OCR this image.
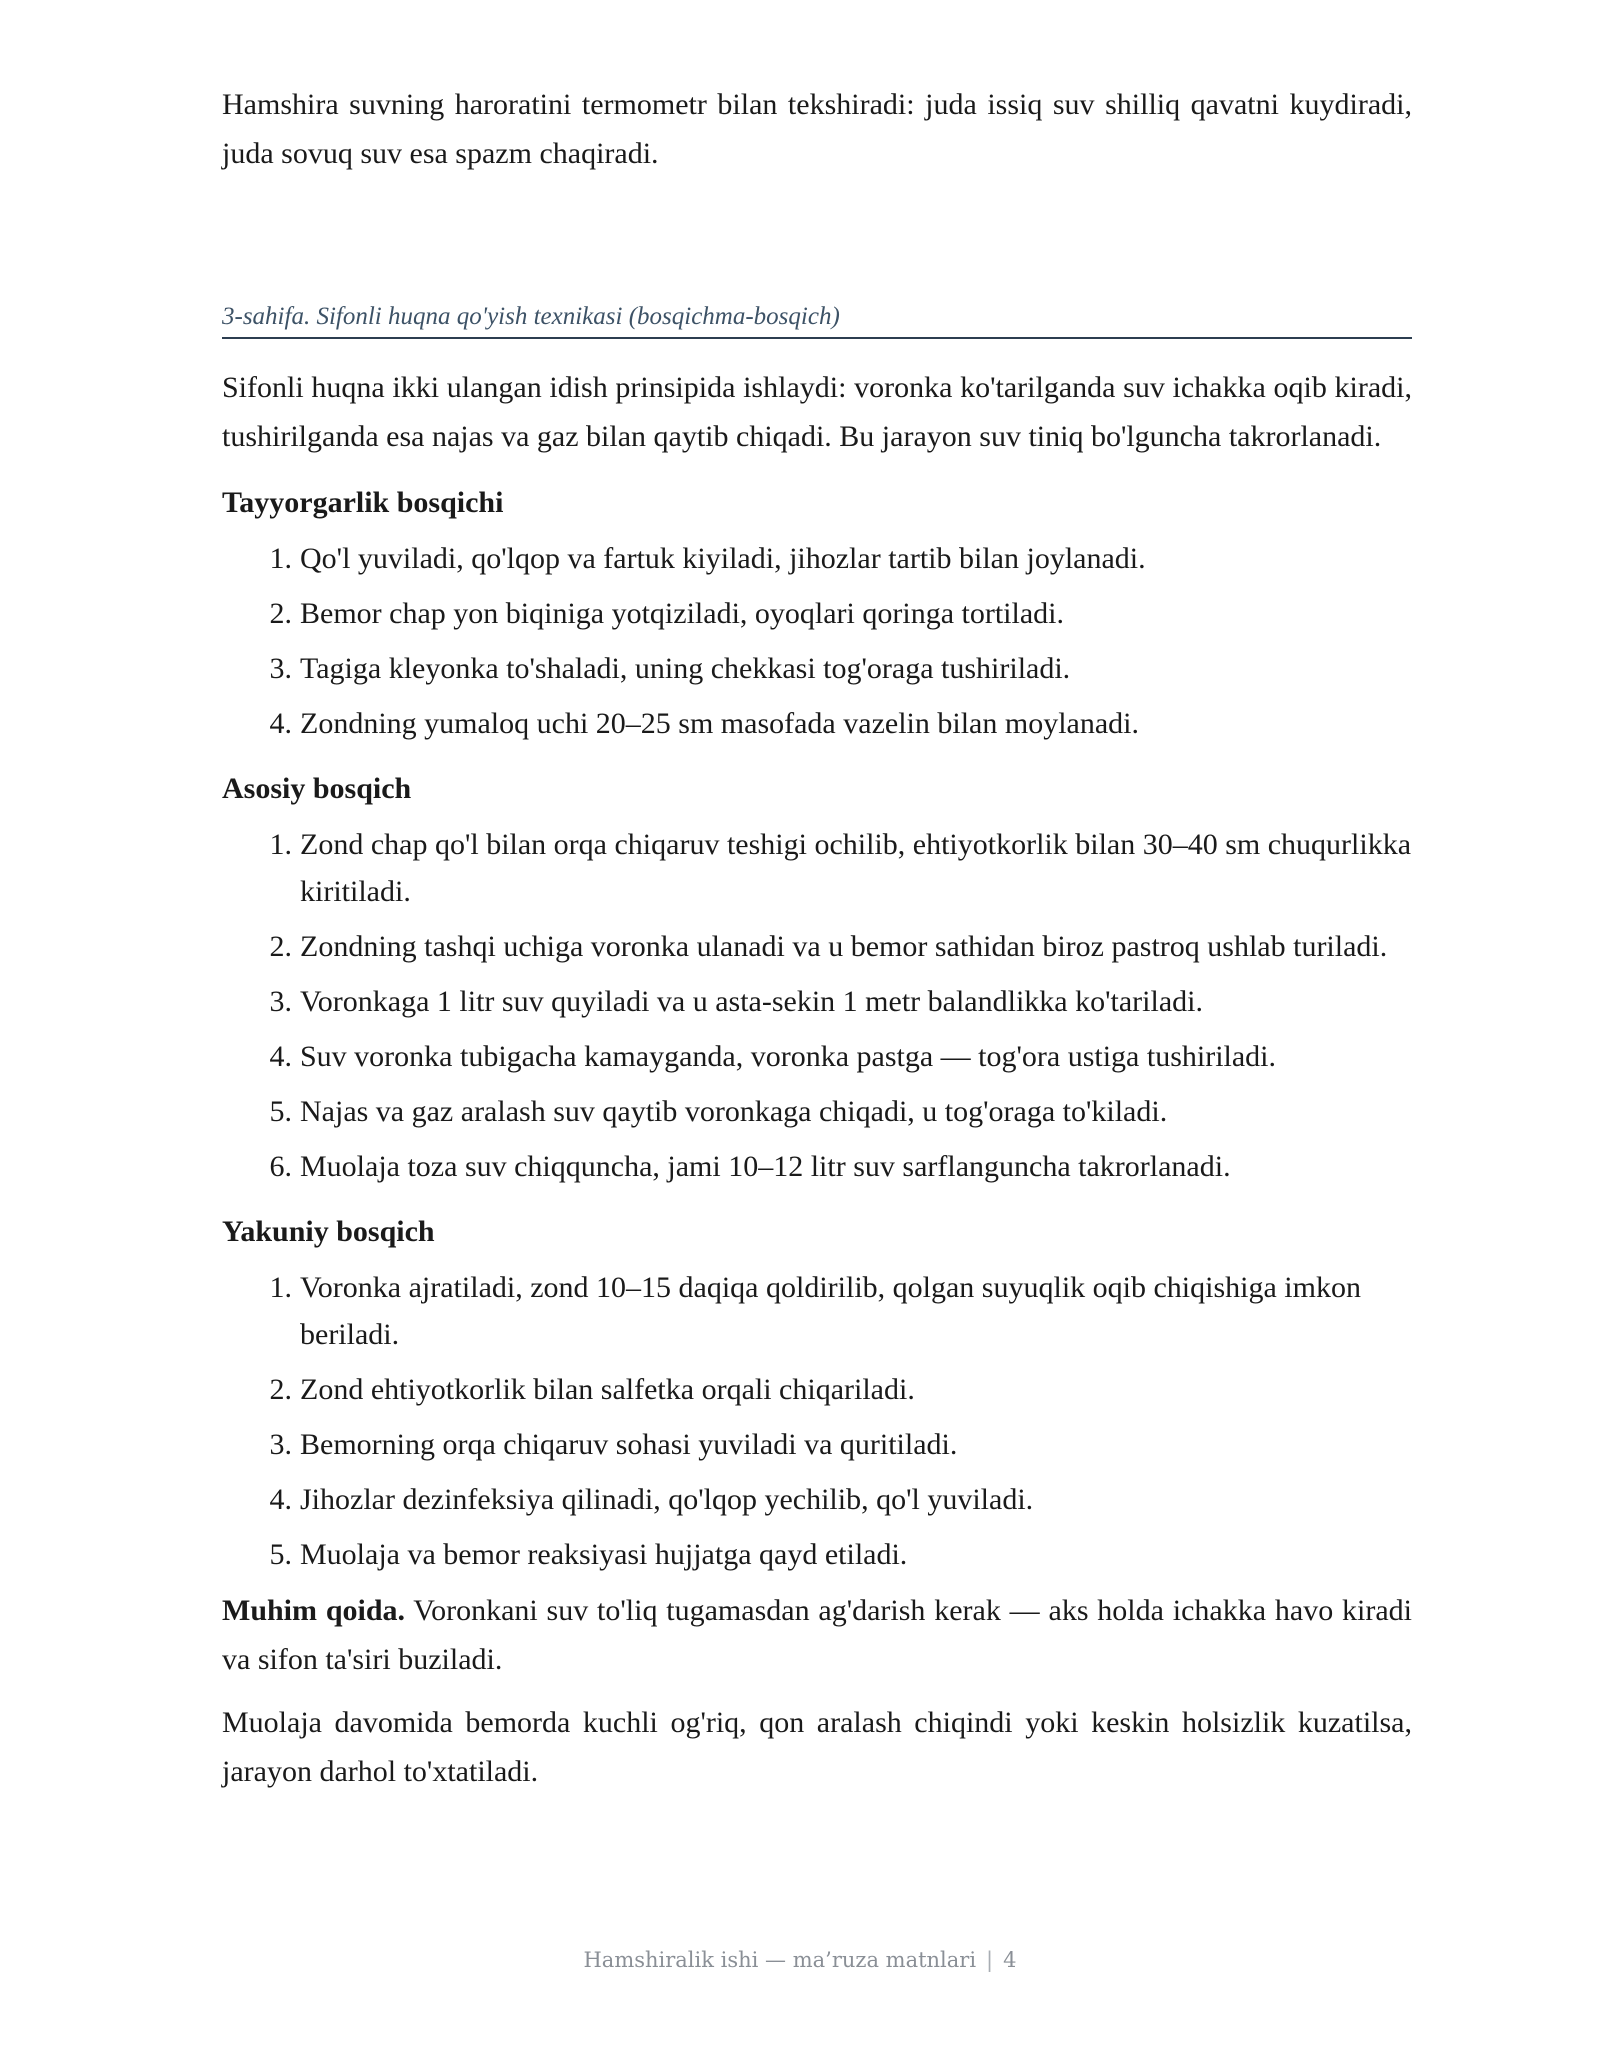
Hamshira suvning haroratini termometr bilan tekshiradi: juda issiq suv shilliq qavatni kuydiradi, juda sovuq suv esa spazm chaqiradi.

3-sahifa. Sifonli huqna qo'yish texnikasi (bosqichma-bosqich)

Sifonli huqna ikki ulangan idish prinsipida ishlaydi: voronka ko'tarilganda suv ichakka oqib kiradi, tushirilganda esa najas va gaz bilan qaytib chiqadi. Bu jarayon suv tiniq bo'lguncha takrorlanadi.

Tayyorgarlik bosqichi
1. Qo'l yuviladi, qo'lqop va fartuk kiyiladi, jihozlar tartib bilan joylanadi.
2. Bemor chap yon biqiniga yotqiziladi, oyoqlari qoringa tortiladi.
3. Tagiga kleyonka to'shaladi, uning chekkasi tog'oraga tushiriladi.
4. Zondning yumaloq uchi 20–25 sm masofada vazelin bilan moylanadi.
Asosiy bosqich
1. Zond chap qo'l bilan orqa chiqaruv teshigi ochilib, ehtiyotkorlik bilan 30–40 sm chuqurlikka kiritiladi.
2. Zondning tashqi uchiga voronka ulanadi va u bemor sathidan biroz pastroq ushlab turiladi.
3. Voronkaga 1 litr suv quyiladi va u asta-sekin 1 metr balandlikka ko'tariladi.
4. Suv voronka tubigacha kamayganda, voronka pastga — tog'ora ustiga tushiriladi.
5. Najas va gaz aralash suv qaytib voronkaga chiqadi, u tog'oraga to'kiladi.
6. Muolaja toza suv chiqquncha, jami 10–12 litr suv sarflanguncha takrorlanadi.
Yakuniy bosqich
1. Voronka ajratiladi, zond 10–15 daqiqa qoldirilib, qolgan suyuqlik oqib chiqishiga imkon beriladi.
2. Zond ehtiyotkorlik bilan salfetka orqali chiqariladi.
3. Bemorning orqa chiqaruv sohasi yuviladi va quritiladi.
4. Jihozlar dezinfeksiya qilinadi, qo'lqop yechilib, qo'l yuviladi.
5. Muolaja va bemor reaksiyasi hujjatga qayd etiladi.

Muhim qoida. Voronkani suv to'liq tugamasdan ag'darish kerak — aks holda ichakka havo kiradi va sifon ta'siri buziladi.

Muolaja davomida bemorda kuchli og'riq, qon aralash chiqindi yoki keskin holsizlik kuzatilsa, jarayon darhol to'xtatiladi.

Hamshiralik ishi — ma’ruza matnlari | 4
